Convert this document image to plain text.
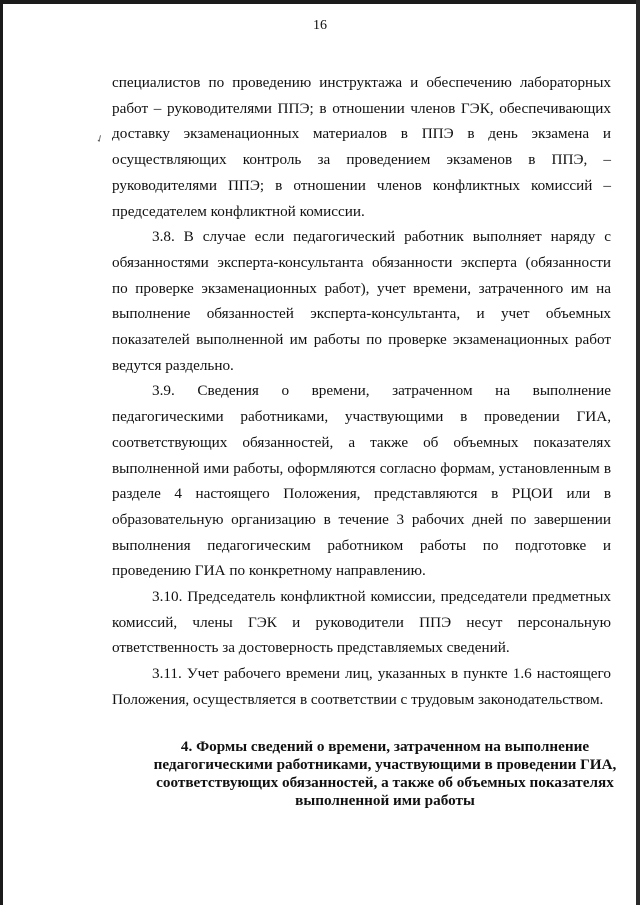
16
✓

специалистов по проведению инструктажа и обеспечению лабораторных работ – руководителями ППЭ; в отношении членов ГЭК, обеспечивающих доставку экзаменационных материалов в ППЭ в день экзамена и осуществляющих контроль за проведением экзаменов в ППЭ, – руководителями ППЭ; в отношении членов конфликтных комиссий – председателем конфликтной комиссии.

3.8. В случае если педагогический работник выполняет наряду с обязанностями эксперта-консультанта обязанности эксперта (обязанности по проверке экзаменационных работ), учет времени, затраченного им на выполнение обязанностей эксперта-консультанта, и учет объемных показателей выполненной им работы по проверке экзаменационных работ ведутся раздельно.

3.9. Сведения о времени, затраченном на выполнение педагогическими работниками, участвующими в проведении ГИА, соответствующих обязанностей, а также об объемных показателях выполненной ими работы, оформляются согласно формам, установленным в разделе 4 настоящего Положения, представляются в РЦОИ или в образовательную организацию в течение 3 рабочих дней по завершении выполнения педагогическим работником работы по подготовке и проведению ГИА по конкретному направлению.

3.10. Председатель конфликтной комиссии, председатели предметных комиссий, члены ГЭК и руководители ППЭ несут персональную ответственность за достоверность представляемых сведений.

3.11. Учет рабочего времени лиц, указанных в пункте 1.6 настоящего Положения, осуществляется в соответствии с трудовым законодательством.

4. Формы сведений о времени, затраченном на выполнение педагогическими работниками, участвующими в проведении ГИА, соответствующих обязанностей, а также об объемных показателях выполненной ими работы
